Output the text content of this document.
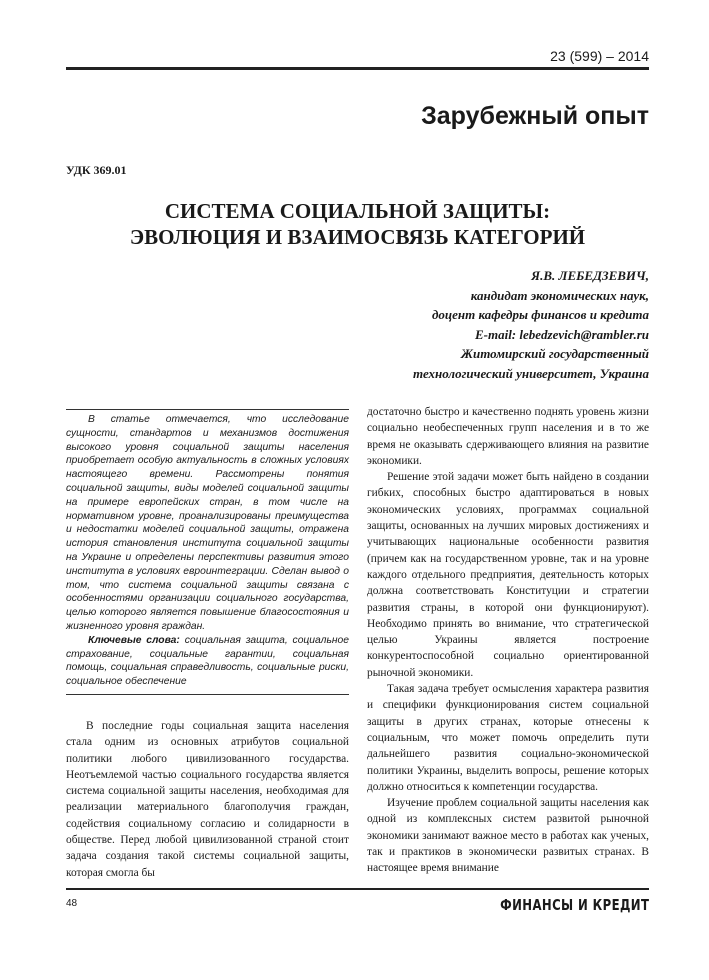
23 (599) – 2014
Зарубежный опыт
УДК 369.01
СИСТЕМА СОЦИАЛЬНОЙ ЗАЩИТЫ:
ЭВОЛЮЦИЯ И ВЗАИМОСВЯЗЬ КАТЕГОРИЙ
Я.В. ЛЕБЕДЗЕВИЧ,
кандидат экономических наук,
доцент кафедры финансов и кредита
E-mail: lebedzevich@rambler.ru
Житомирский государственный
технологический университет, Украина

В статье отмечается, что исследование сущности, стандартов и механизмов достижения высокого уровня социальной защиты населения приобретает особую актуальность в сложных условиях настоящего времени. Рассмотрены понятия социальной защиты, виды моделей социальной защиты на примере европейских стран, в том числе на нормативном уровне, проанализированы преимущества и недостатки моделей социальной защиты, отражена история становления института социальной защиты на Украине и определены перспективы развития этого института в условиях евроинтеграции. Сделан вывод о том, что система социальной защиты связана с особенностями организации социального государства, целью которого является повышение благосостояния и жизненного уровня граждан.

Ключевые слова: социальная защита, социальное страхование, социальные гарантии, социальная помощь, социальная справедливость, социальные риски, социальное обеспечение

В последние годы социальная защита населения стала одним из основных атрибутов социальной политики любого цивилизованного государства. Неотъемлемой частью социального государства является система социальной защиты населения, необходимая для реализации материального благополучия граждан, содействия социальному согласию и солидарности в обществе. Перед любой цивилизованной страной стоит задача создания такой системы социальной защиты, которая смогла бы

достаточно быстро и качественно поднять уровень жизни социально необеспеченных групп населения и в то же время не оказывать сдерживающего влияния на развитие экономики.

Решение этой задачи может быть найдено в создании гибких, способных быстро адаптироваться в новых экономических условиях, программах социальной защиты, основанных на лучших мировых достижениях и учитывающих национальные особенности развития (причем как на государственном уровне, так и на уровне каждого отдельного предприятия, деятельность которых должна соответствовать Конституции и стратегии развития страны, в которой они функционируют). Необходимо принять во внимание, что стратегической целью Украины является построение конкурентоспособной социально ориентированной рыночной экономики.

Такая задача требует осмысления характера развития и специфики функционирования систем социальной защиты в других странах, которые отнесены к социальным, что может помочь определить пути дальнейшего развития социально-экономической политики Украины, выделить вопросы, решение которых должно относиться к компетенции государства.

Изучение проблем социальной защиты населения как одной из комплексных систем развитой рыночной экономики занимают важное место в работах как ученых, так и практиков в экономически развитых странах. В настоящее время внимание

48	ФИНАНСЫ И КРЕДИТ
